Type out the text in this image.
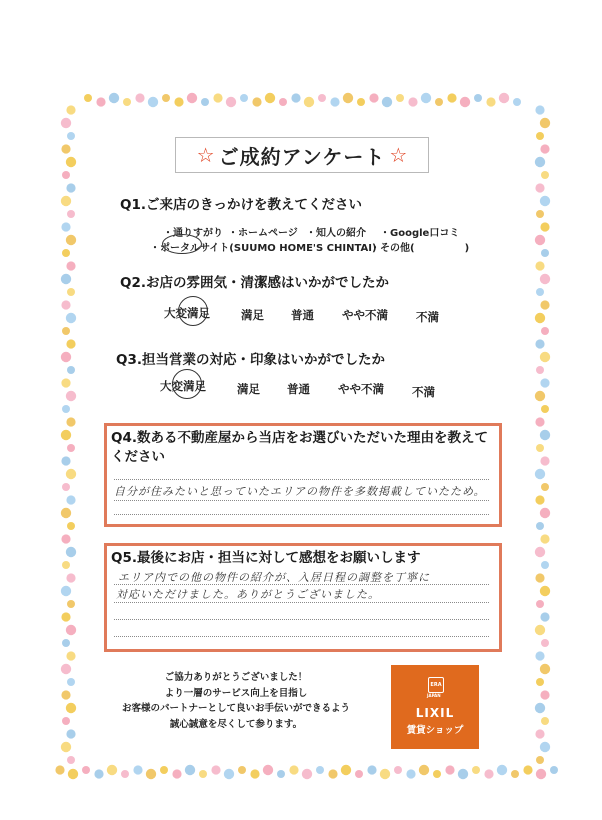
☆ ご成約アンケート ☆
Q1.ご来店のきっかけを教えてください
・通りすがり ・ホームページ ・知人の紹介 ・Google口コミ
・ポータルサイト(SUUMO HOME'S CHINTAI)
・その他(　　　　　)
Q2.お店の雰囲気・清潔感はいかがでしたか
大変満足	満足 普通 やや不満 不満
Q3.担当営業の対応・印象はいかがでしたか
大変満足	満足 普通 やや不満 不満
Q4.数ある不動産屋から当店をお選びいただいた理由を教えて
ください
自分が住みたいと思っていたエリアの物件を多数掲載していたため。
Q5.最後にお店・担当に対して感想をお願いします
エリア内での他の物件の紹介が、入居日程の調整を丁寧に
対応いただけました。ありがとうございました。
ご協力ありがとうございました！
より一層のサービス向上を目指し
お客様のパートナーとして良いお手伝いができるよう
誠心誠意を尽くして参ります。
ERA
JAPAN
LIXIL
賃貸ショップ
